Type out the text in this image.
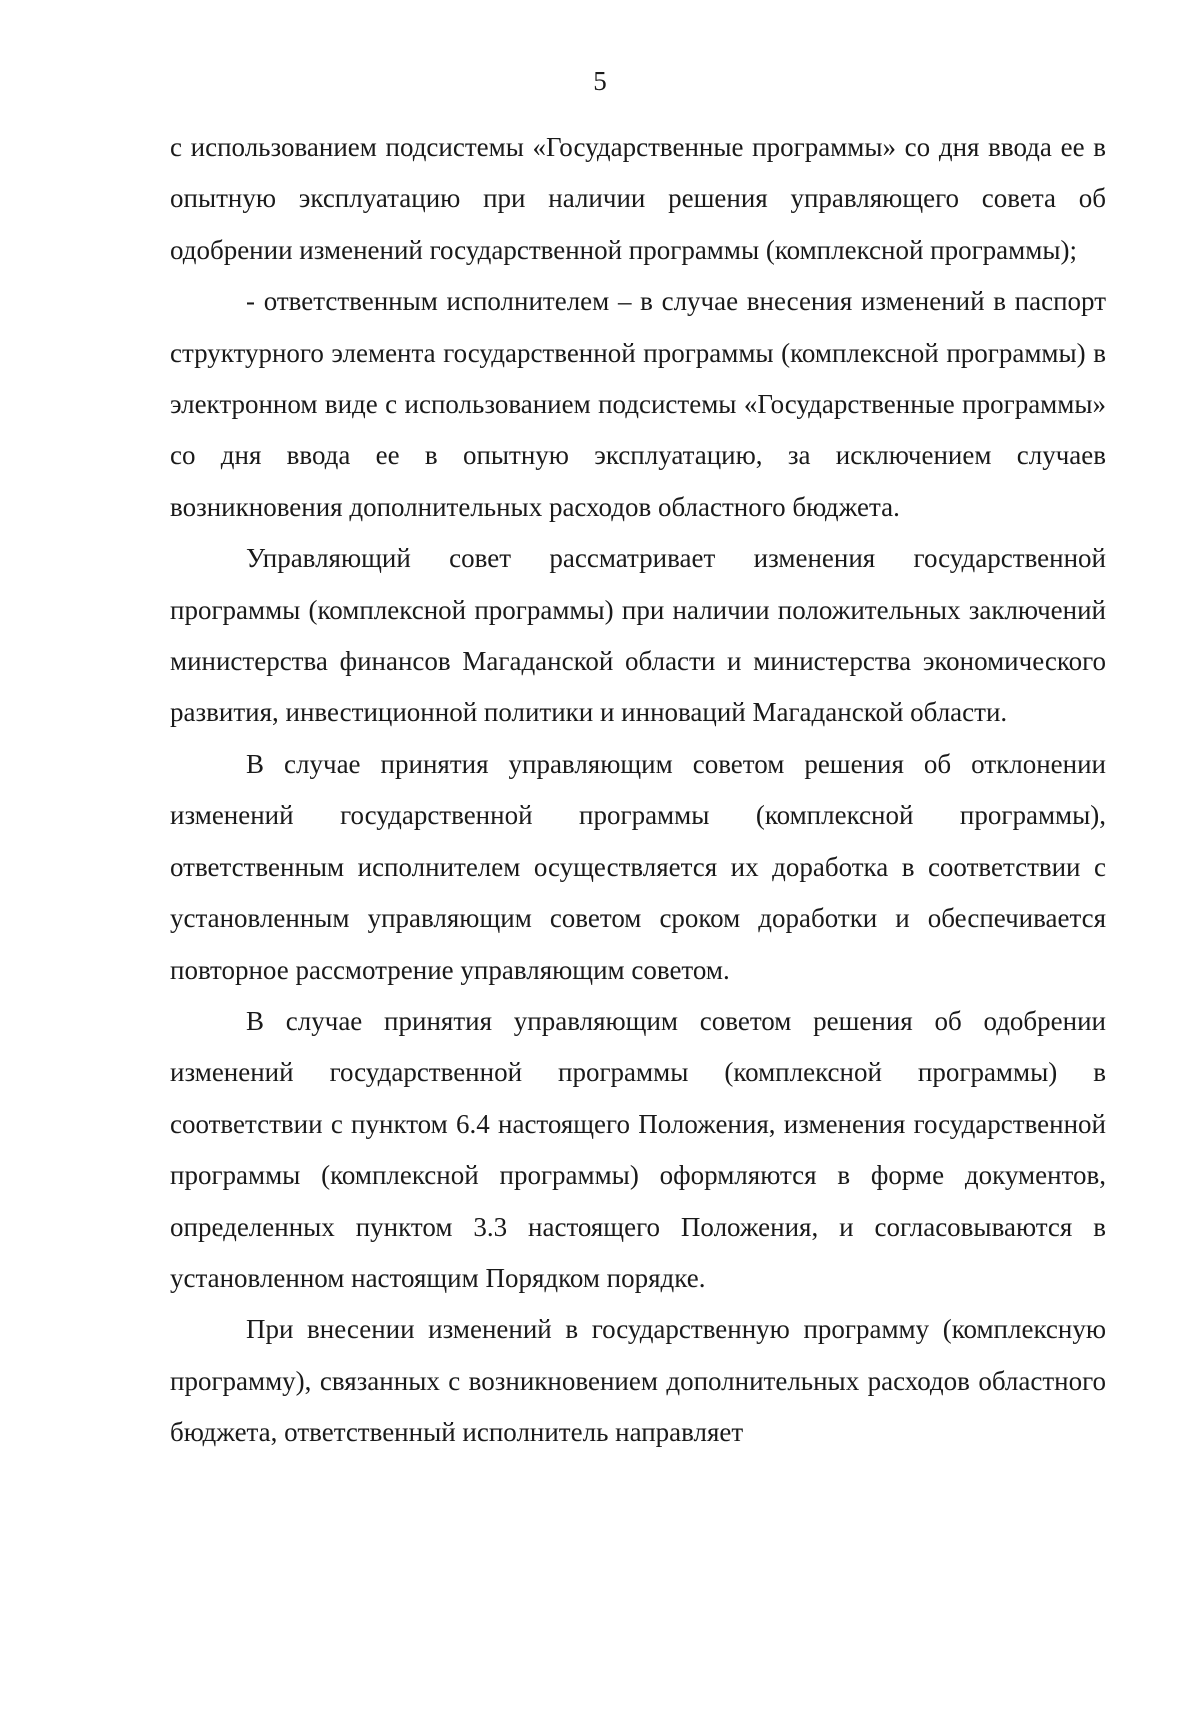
5

с использованием подсистемы «Государственные программы» со дня ввода ее в опытную эксплуатацию при наличии решения управляющего совета об одобрении изменений государственной программы (комплексной программы);

- ответственным исполнителем – в случае внесения изменений в паспорт структурного элемента государственной программы (комплексной программы) в электронном виде с использованием подсистемы «Государственные программы» со дня ввода ее в опытную эксплуатацию, за исключением случаев возникновения дополнительных расходов областного бюджета.

Управляющий совет рассматривает изменения государственной программы (комплексной программы) при наличии положительных заключений министерства финансов Магаданской области и министерства экономического развития, инвестиционной политики и инноваций Магаданской области.

В случае принятия управляющим советом решения об отклонении изменений государственной программы (комплексной программы), ответственным исполнителем осуществляется их доработка в соответствии с установленным управляющим советом сроком доработки и обеспечивается повторное рассмотрение управляющим советом.

В случае принятия управляющим советом решения об одобрении изменений государственной программы (комплексной программы) в соответствии с пунктом 6.4 настоящего Положения, изменения государственной программы (комплексной программы) оформляются в форме документов, определенных пунктом 3.3 настоящего Положения, и согласовываются в установленном настоящим Порядком порядке.

При внесении изменений в государственную программу (комплексную программу), связанных с возникновением дополнительных расходов областного бюджета, ответственный исполнитель направляет
